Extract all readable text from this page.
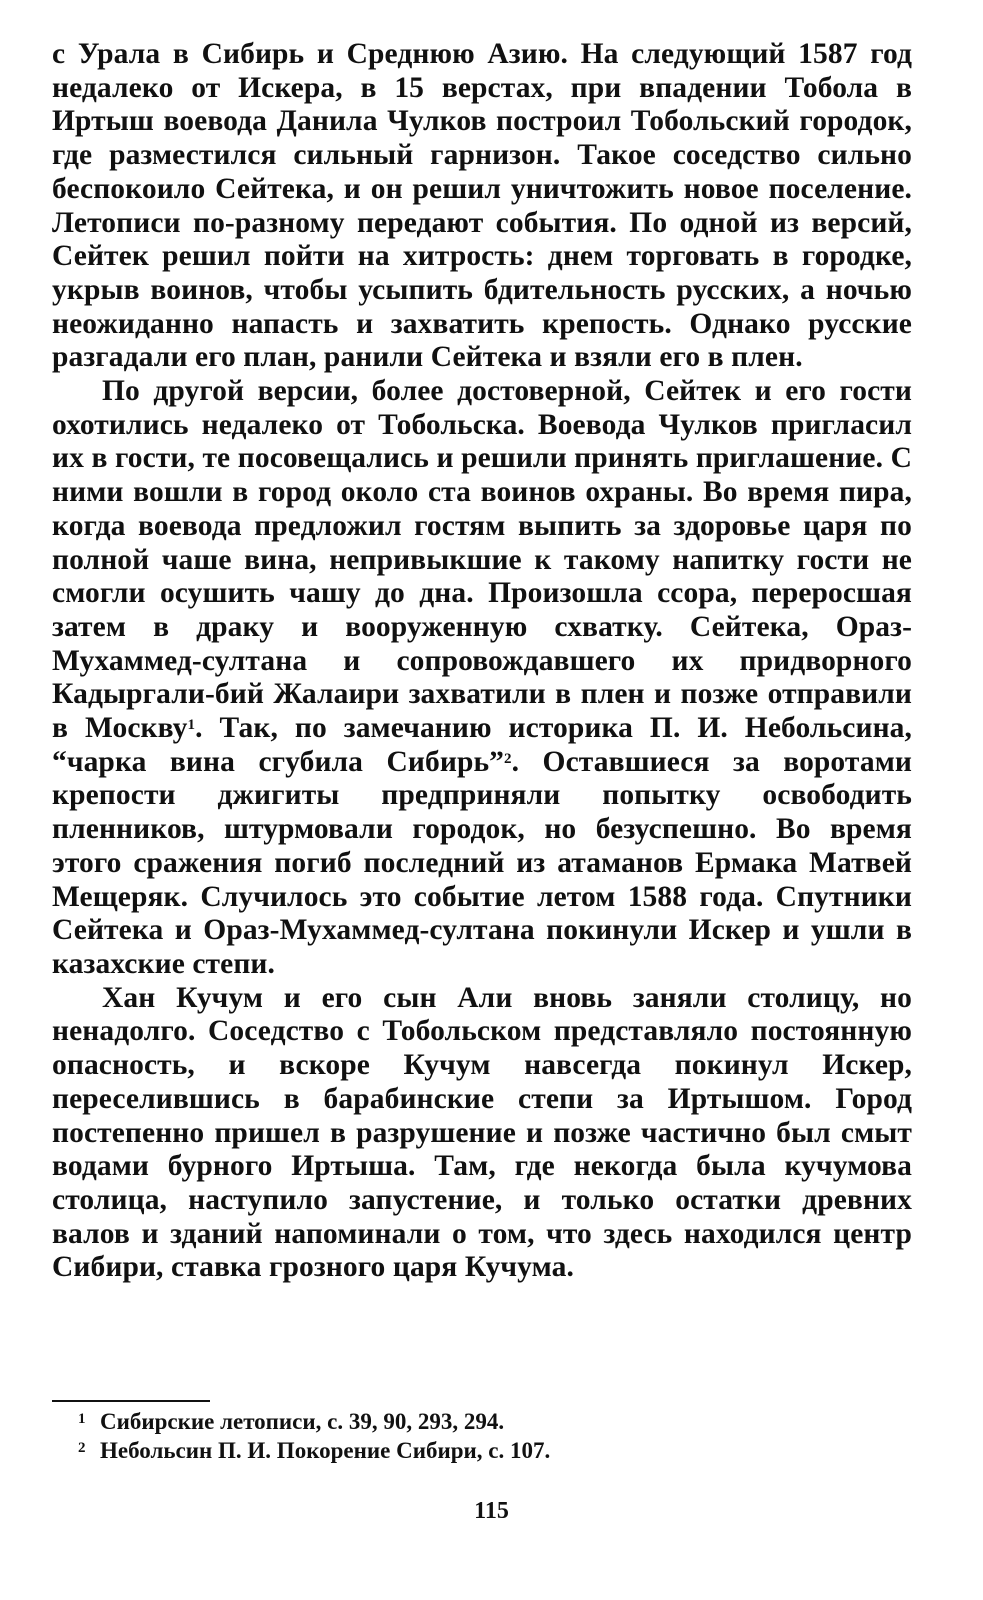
с Урала в Сибирь и Среднюю Азию. На следующий 1587 год недалеко от Искера, в 15 верстах, при впадении Тобола в Иртыш воевода Данила Чулков построил Тобольский городок, где разместился сильный гарнизон. Такое соседство сильно беспокоило Сейтека, и он решил уничтожить новое поселение. Летописи по-разному передают события. По одной из версий, Сейтек решил пойти на хитрость: днем торговать в городке, укрыв воинов, чтобы усыпить бдительность русских, а ночью неожиданно напасть и захватить крепость. Однако русские разгадали его план, ранили Сейтека и взяли его в плен.

По другой версии, более достоверной, Сейтек и его гости охотились недалеко от Тобольска. Воевода Чулков пригласил их в гости, те посовещались и решили принять приглашение. С ними вошли в город около ста воинов охраны. Во время пира, когда воевода предложил гостям выпить за здоровье царя по полной чаше вина, непривыкшие к такому напитку гости не смогли осушить чашу до дна. Произошла ссора, переросшая затем в драку и вооруженную схватку. Сейтека, Ораз-Мухаммед-султана и сопровождавшего их придворного Кадыргали-бий Жалаири захватили в плен и позже отправили в Москву$^1$. Так, по замечанию историка П. И. Небольсина, “чарка вина сгубила Сибирь”$^2$. Оставшиеся за воротами крепости джигиты предприняли попытку освободить пленников, штурмовали городок, но безуспешно. Во время этого сражения погиб последний из атаманов Ермака Матвей Мещеряк. Случилось это событие летом 1588 года. Спутники Сейтека и Ораз-Мухаммед-султана покинули Искер и ушли в казахские степи.

Хан Кучум и его сын Али вновь заняли столицу, но ненадолго. Соседство с Тобольском представляло постоянную опасность, и вскоре Кучум навсегда покинул Искер, переселившись в барабинские степи за Иртышом. Город постепенно пришел в разрушение и позже частично был смыт водами бурного Иртыша. Там, где некогда была кучумова столица, наступило запустение, и только остатки древних валов и зданий напоминали о том, что здесь находился центр Сибири, ставка грозного царя Кучума.

1 Сибирские летописи, с. 39, 90, 293, 294.
2 Небольсин П. И. Покорение Сибири, с. 107.
115
